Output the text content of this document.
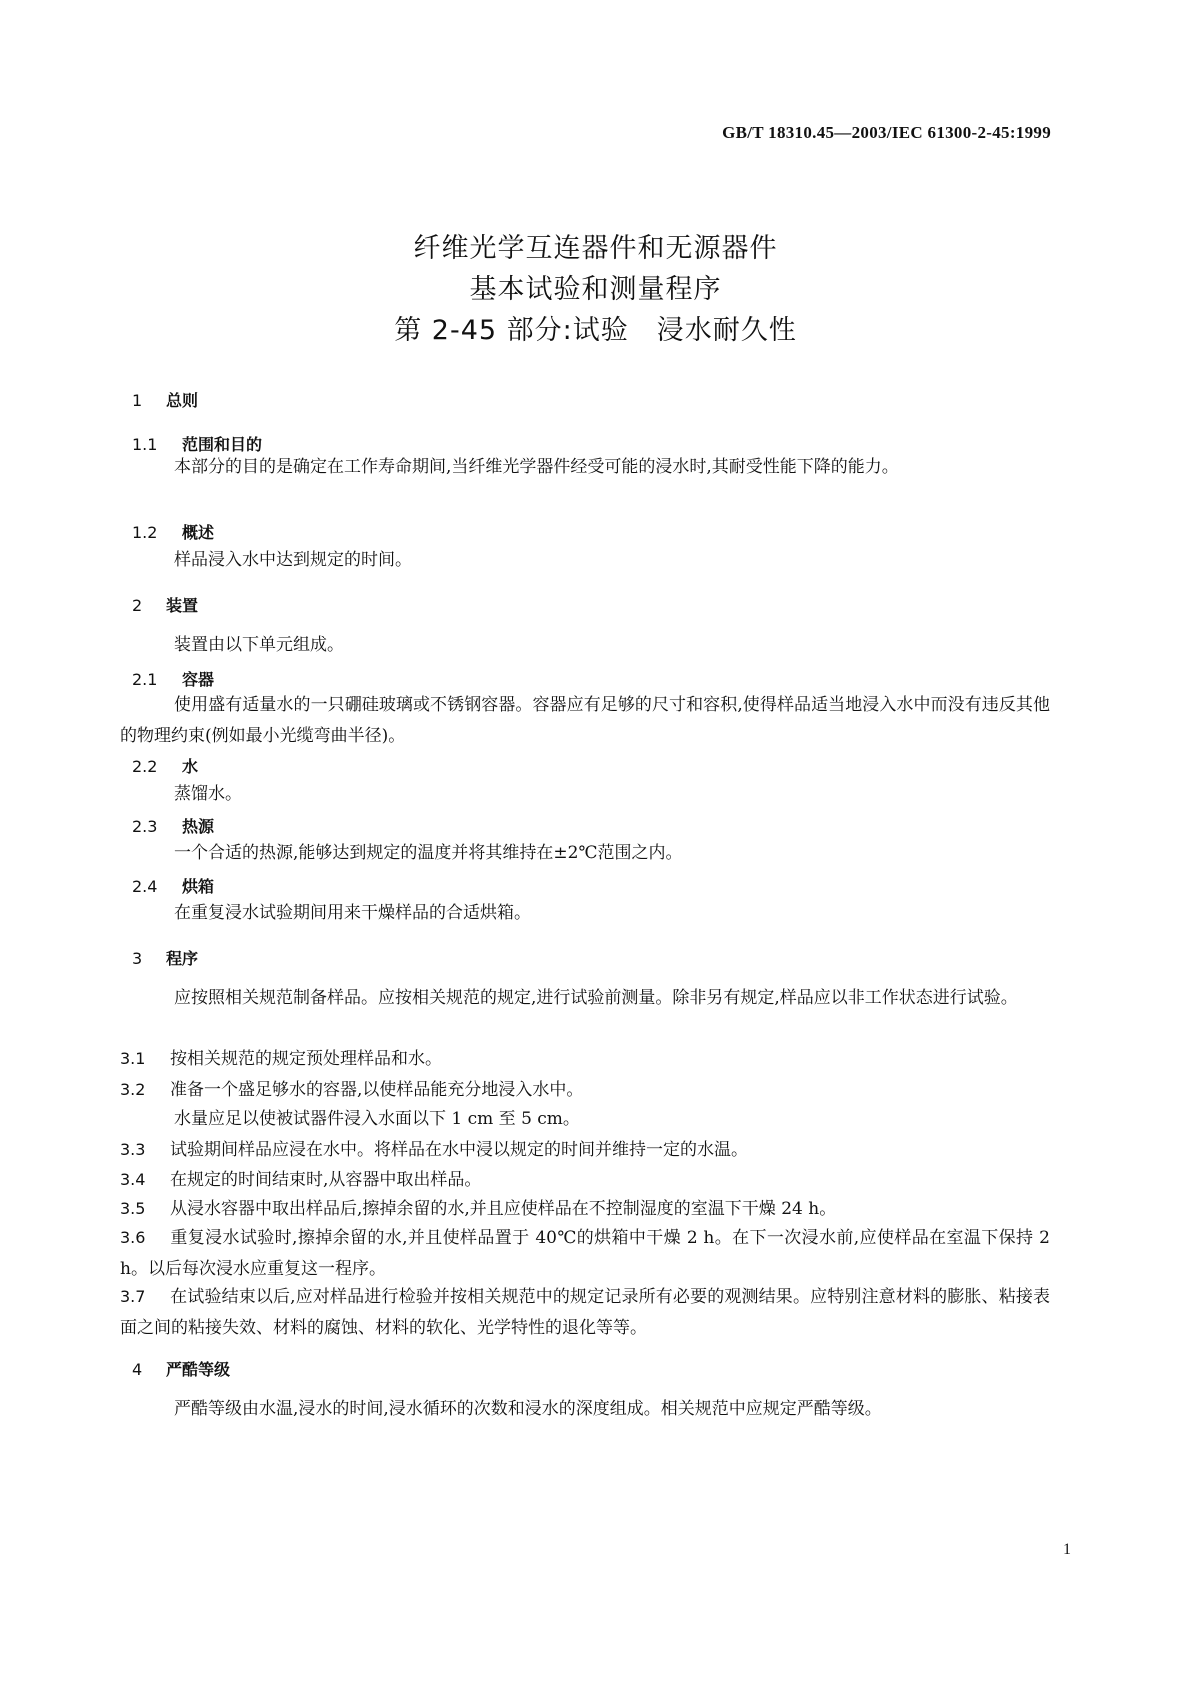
GB/T 18310.45—2003/IEC 61300-2-45:1999
纤维光学互连器件和无源器件
基本试验和测量程序
第 2-45 部分:试验　浸水耐久性
1 总则
1.1 范围和目的
本部分的目的是确定在工作寿命期间,当纤维光学器件经受可能的浸水时,其耐受性能下降的能力。
1.2 概述
样品浸入水中达到规定的时间。
2 装置
装置由以下单元组成。
2.1 容器
使用盛有适量水的一只硼硅玻璃或不锈钢容器。容器应有足够的尺寸和容积,使得样品适当地浸入水中而没有违反其他的物理约束(例如最小光缆弯曲半径)。
2.2 水
蒸馏水。
2.3 热源
一个合适的热源,能够达到规定的温度并将其维持在±2℃范围之内。
2.4 烘箱
在重复浸水试验期间用来干燥样品的合适烘箱。
3 程序
应按照相关规范制备样品。应按相关规范的规定,进行试验前测量。除非另有规定,样品应以非工作状态进行试验。
3.1 按相关规范的规定预处理样品和水。
3.2 准备一个盛足够水的容器,以使样品能充分地浸入水中。
水量应足以使被试器件浸入水面以下 1 cm 至 5 cm。
3.3 试验期间样品应浸在水中。将样品在水中浸以规定的时间并维持一定的水温。
3.4 在规定的时间结束时,从容器中取出样品。
3.5 从浸水容器中取出样品后,擦掉余留的水,并且应使样品在不控制湿度的室温下干燥 24 h。
3.6 重复浸水试验时,擦掉余留的水,并且使样品置于 40℃的烘箱中干燥 2 h。在下一次浸水前,应使样品在室温下保持 2 h。以后每次浸水应重复这一程序。
3.7 在试验结束以后,应对样品进行检验并按相关规范中的规定记录所有必要的观测结果。应特别注意材料的膨胀、粘接表面之间的粘接失效、材料的腐蚀、材料的软化、光学特性的退化等等。
4 严酷等级
严酷等级由水温,浸水的时间,浸水循环的次数和浸水的深度组成。相关规范中应规定严酷等级。
1
